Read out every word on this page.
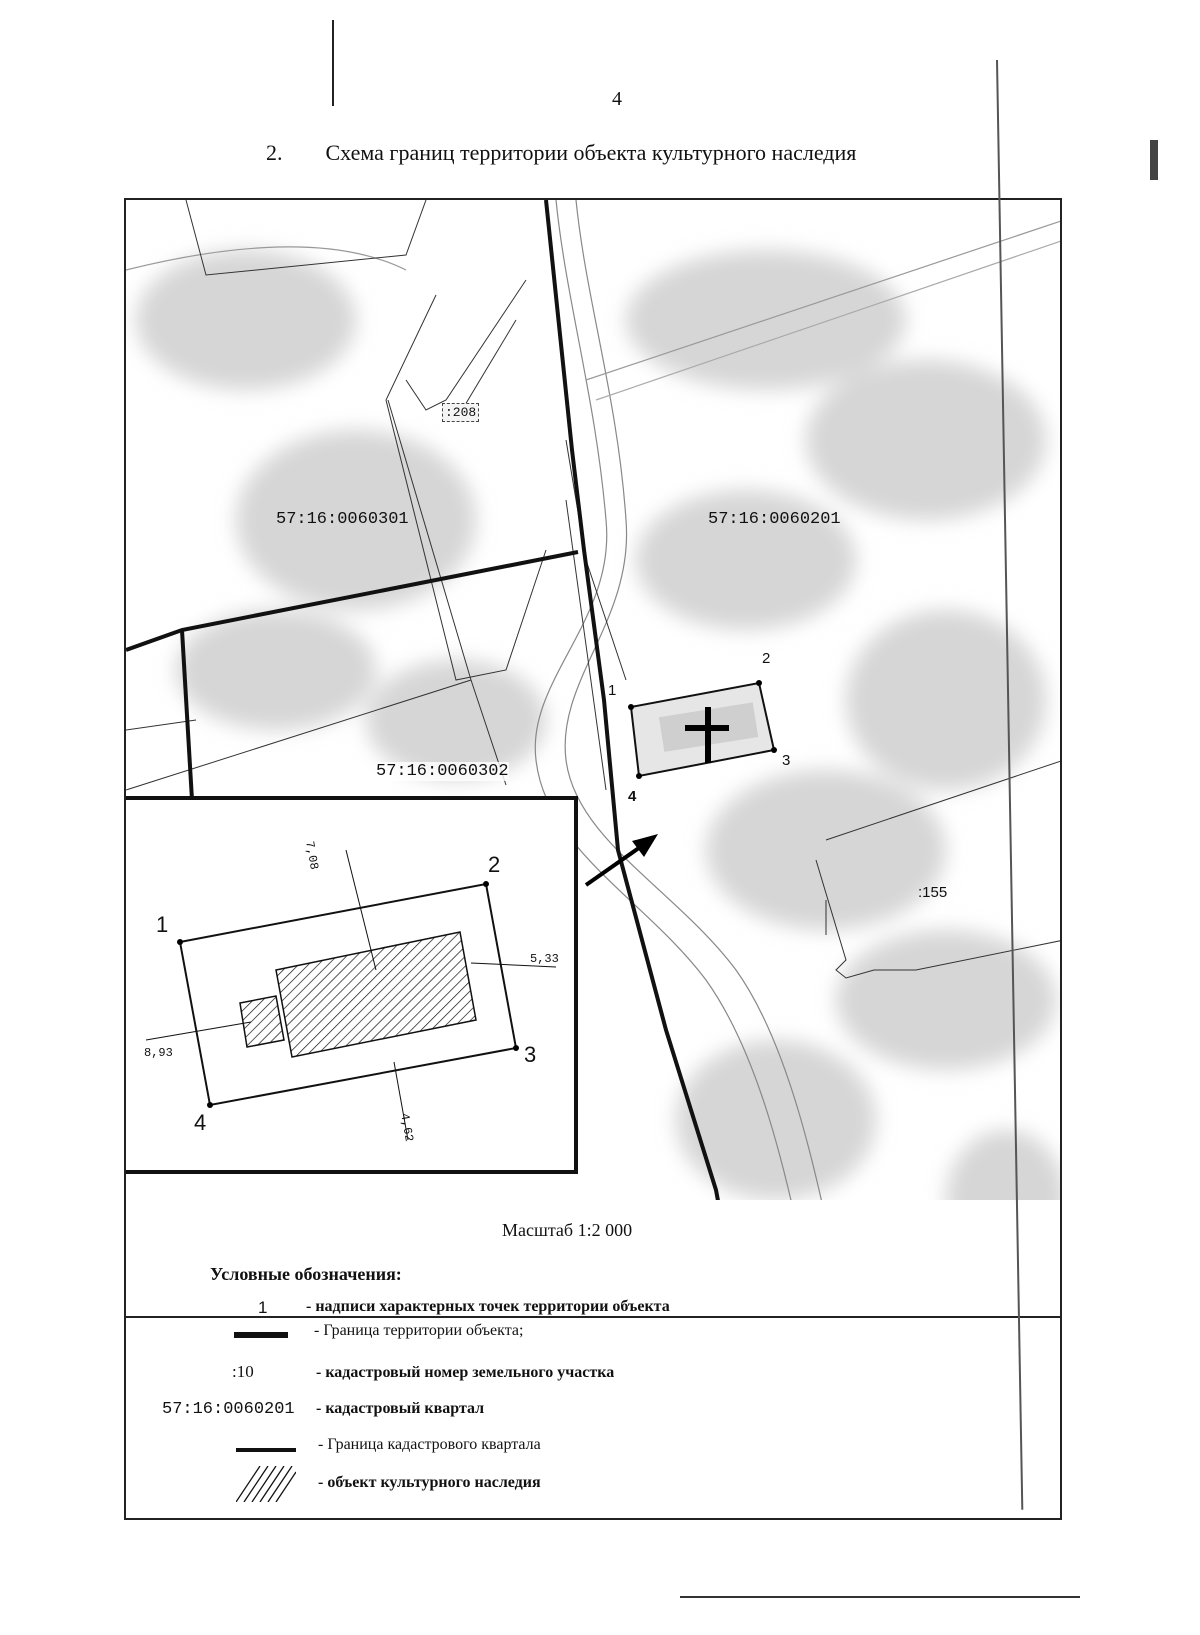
4
2. Схема границ территории объекта культурного наследия
:208
57:16:0060301	57:16:0060201
57:16:0060302
:155
1
2
3
4
1
2
3
4
7,08
5,33
8,93
4,62
Масштаб 1:2 000
Условные обозначения:
1 - надписи характерных точек территории объекта
- Граница территории объекта;
:10	- кадастровый номер земельного участка
57:16:0060201 - кадастровый квартал
- Граница кадастрового квартала
- объект культурного наследия
